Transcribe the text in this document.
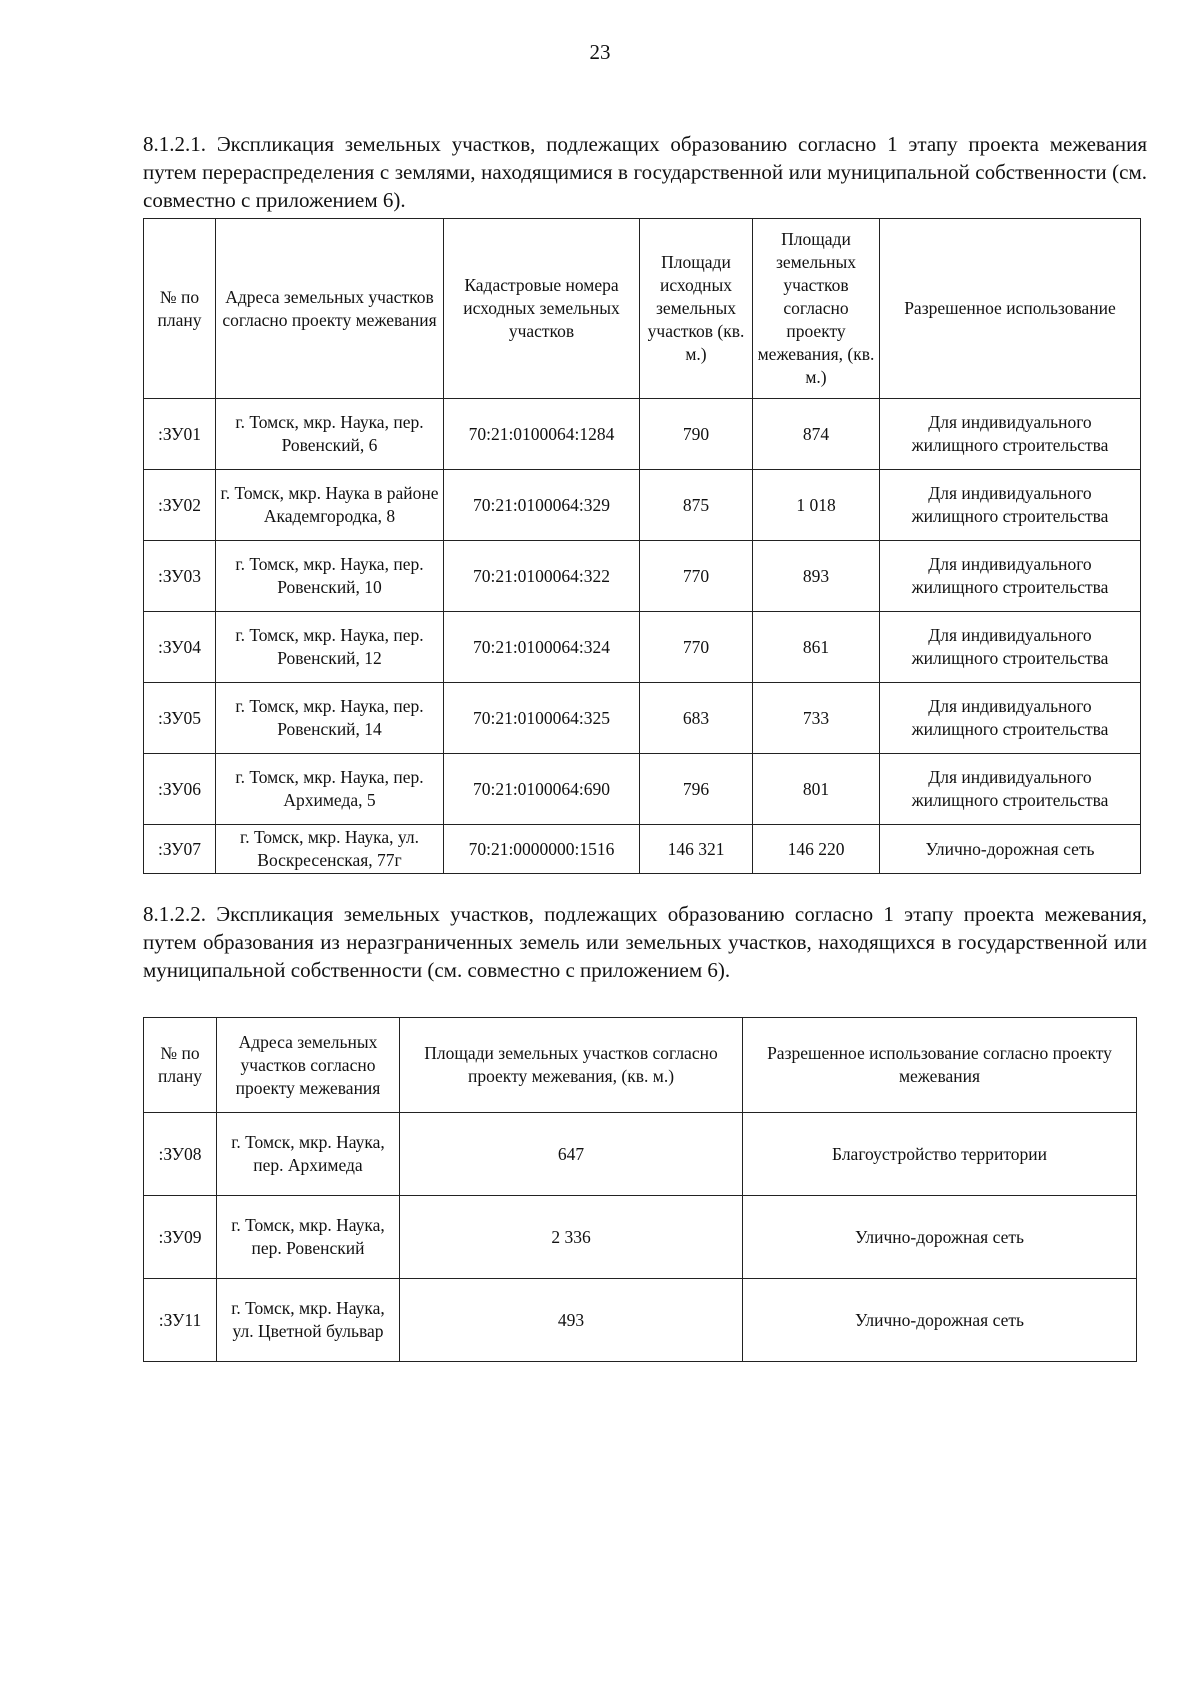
23

8.1.2.1. Экспликация земельных участков, подлежащих образованию согласно 1 этапу проекта межевания путем перераспределения с землями, находящимися в государственной или муниципальной собственности (см. совместно с приложением 6).

№ по плану	Адреса земельных участков согласно проекту межевания	Кадастровые номера исходных земельных участков	Площади исходных земельных участков (кв. м.)	Площади земельных участков согласно проекту межевания, (кв. м.)	Разрешенное использование
:ЗУ01	г. Томск, мкр. Наука, пер. Ровенский, 6	70:21:0100064:1284	790	874	Для индивидуального жилищного строительства
:ЗУ02	г. Томск, мкр. Наука в районе Академгородка, 8	70:21:0100064:329	875	1 018	Для индивидуального жилищного строительства
:ЗУ03	г. Томск, мкр. Наука, пер. Ровенский, 10	70:21:0100064:322	770	893	Для индивидуального жилищного строительства
:ЗУ04	г. Томск, мкр. Наука, пер. Ровенский, 12	70:21:0100064:324	770	861	Для индивидуального жилищного строительства
:ЗУ05	г. Томск, мкр. Наука, пер. Ровенский, 14	70:21:0100064:325	683	733	Для индивидуального жилищного строительства
:ЗУ06	г. Томск, мкр. Наука, пер. Архимеда, 5	70:21:0100064:690	796	801	Для индивидуального жилищного строительства
:ЗУ07	г. Томск, мкр. Наука, ул. Воскресенская, 77г	70:21:0000000:1516	146 321	146 220	Улично-дорожная сеть

8.1.2.2. Экспликация земельных участков, подлежащих образованию согласно 1 этапу проекта межевания, путем образования из неразграниченных земель или земельных участков, находящихся в государственной или муниципальной собственности (см. совместно с приложением 6).

№ по плану	Адреса земельных участков согласно проекту межевания	Площади земельных участков согласно проекту межевания, (кв. м.)	Разрешенное использование согласно проекту межевания
:ЗУ08	г. Томск, мкр. Наука, пер. Архимеда	647	Благоустройство территории
:ЗУ09	г. Томск, мкр. Наука, пер. Ровенский	2 336	Улично-дорожная сеть
:ЗУ11	г. Томск, мкр. Наука, ул. Цветной бульвар	493	Улично-дорожная сеть
